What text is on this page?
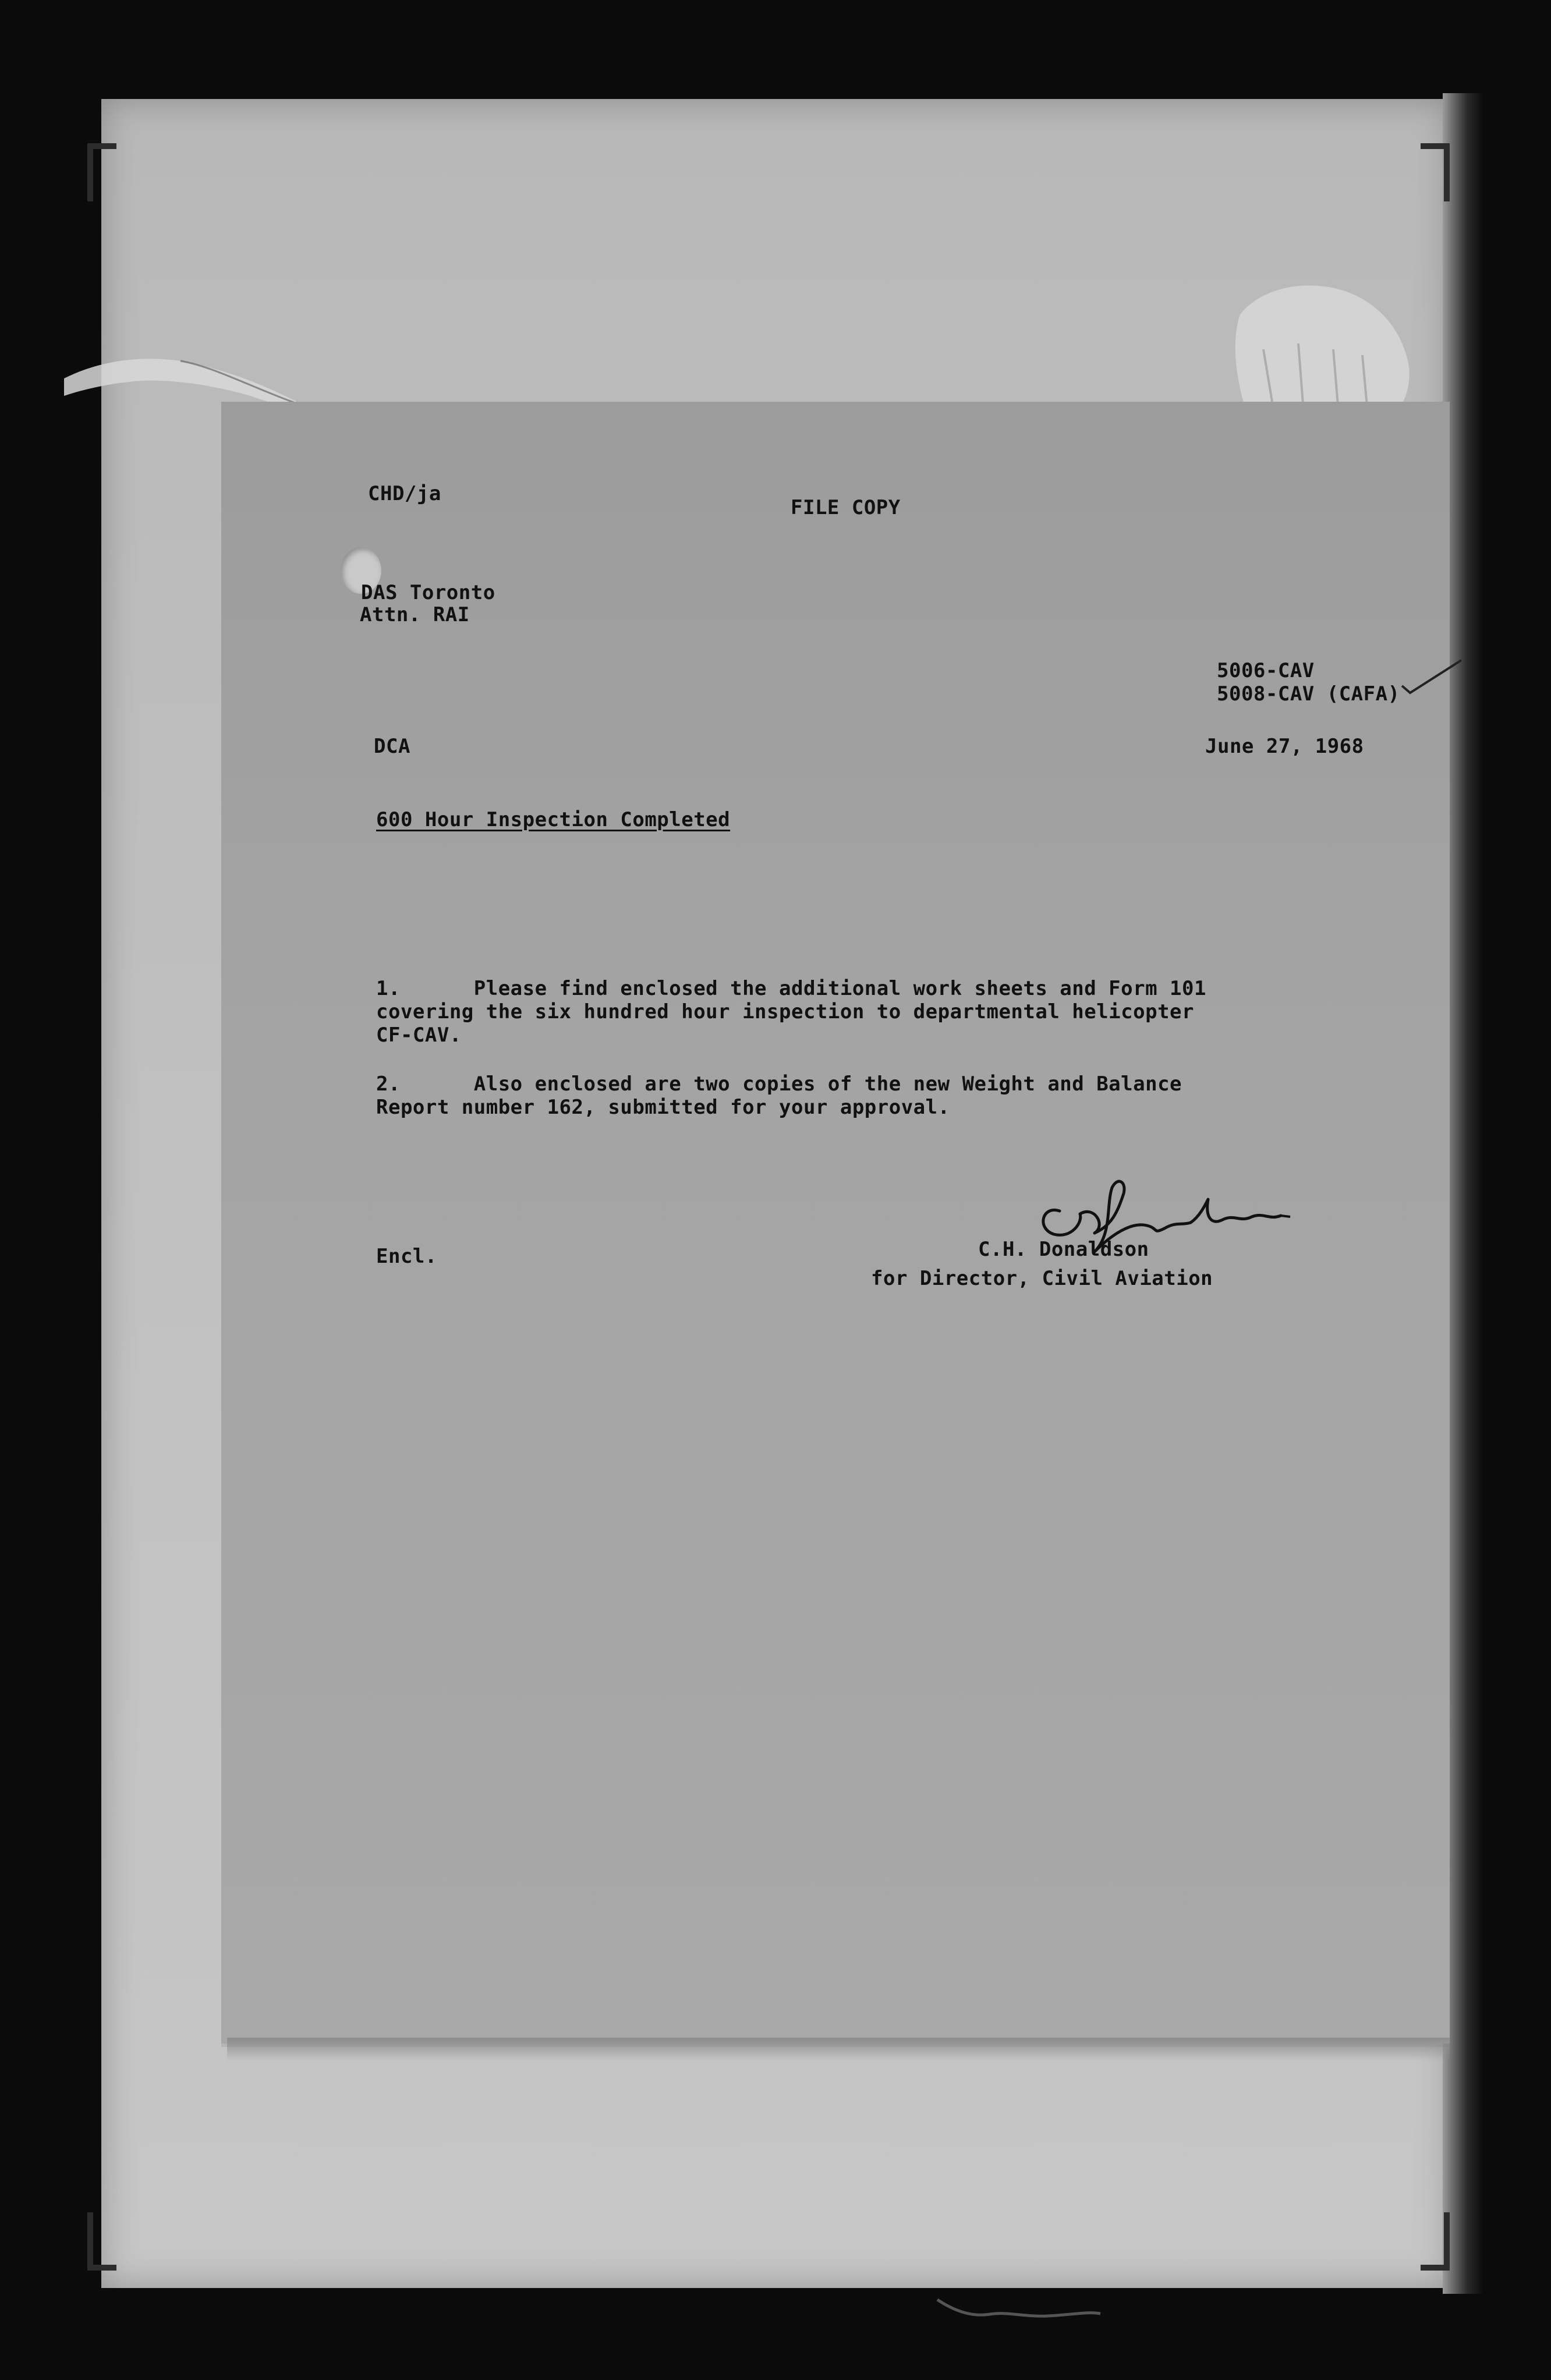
CHD/ja
FILE COPY
DAS Toronto
Attn. RAI
5006-CAV
5008-CAV (CAFA)
DCA	June 27, 1968
600 Hour Inspection Completed
1.      Please find enclosed the additional work sheets and Form 101
covering the six hundred hour inspection to departmental helicopter
CF-CAV.
2.      Also enclosed are two copies of the new Weight and Balance
Report number 162, submitted for your approval.
Encl.	C.H. Donaldson
for Director, Civil Aviation
